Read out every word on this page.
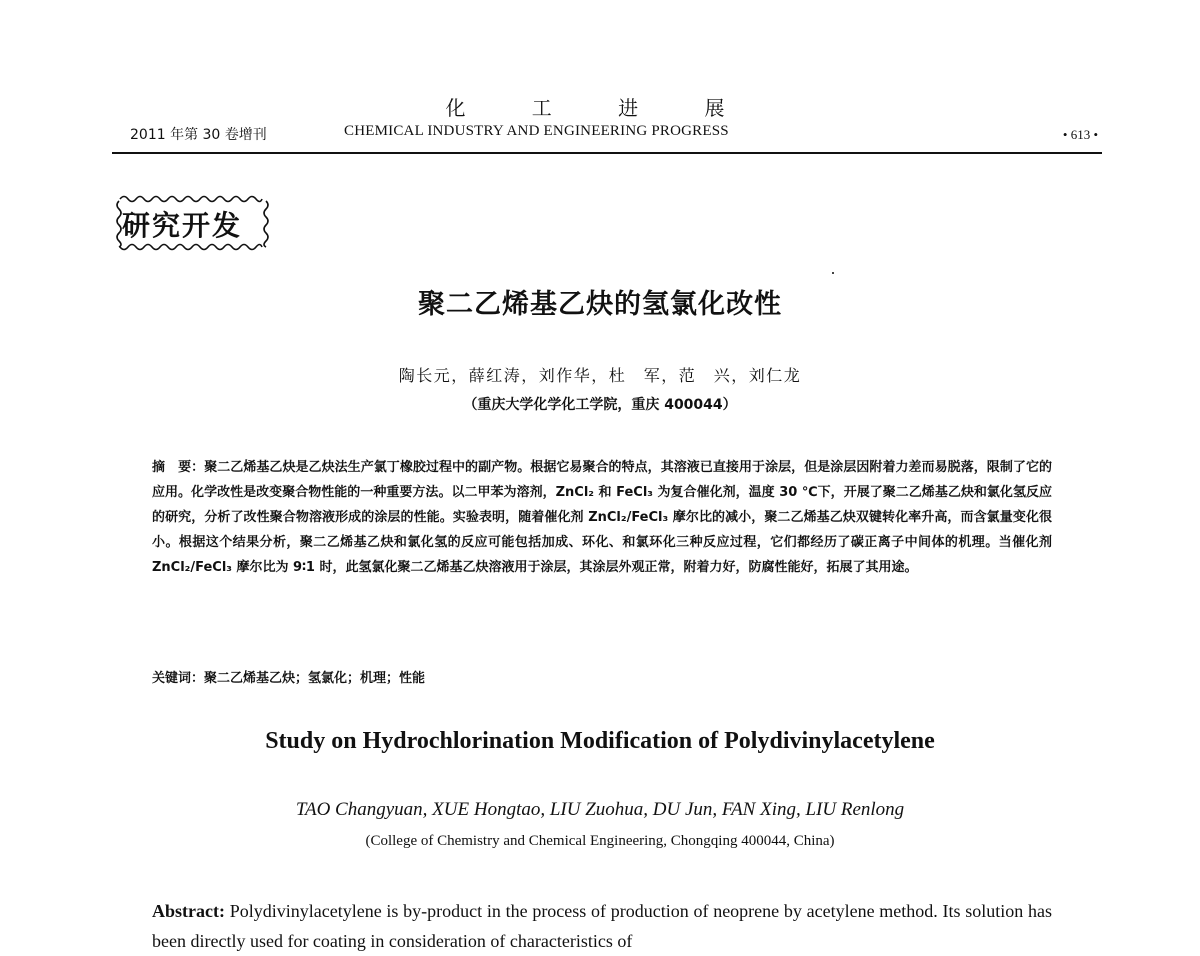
化 工 进 展
2011 年第 30 卷增刊	CHEMICAL INDUSTRY AND ENGINEERING PROGRESS	• 613 •
研究开发
聚二乙烯基乙炔的氢氯化改性
陶长元，薛红涛，刘作华，杜　军，范　兴，刘仁龙
（重庆大学化学化工学院，重庆 400044）
摘　要：聚二乙烯基乙炔是乙炔法生产氯丁橡胶过程中的副产物。根据它易聚合的特点，其溶液已直接用于涂层，但是涂层因附着力差而易脱落，限制了它的应用。化学改性是改变聚合物性能的一种重要方法。以二甲苯为溶剂，ZnCl₂ 和 FeCl₃ 为复合催化剂，温度 30 ℃下，开展了聚二乙烯基乙炔和氯化氢反应的研究，分析了改性聚合物溶液形成的涂层的性能。实验表明，随着催化剂 ZnCl₂/FeCl₃ 摩尔比的减小，聚二乙烯基乙炔双键转化率升高，而含氯量变化很小。根据这个结果分析，聚二乙烯基乙炔和氯化氢的反应可能包括加成、环化、和氯环化三种反应过程，它们都经历了碳正离子中间体的机理。当催化剂 ZnCl₂/FeCl₃ 摩尔比为 9∶1 时，此氢氯化聚二乙烯基乙炔溶液用于涂层，其涂层外观正常，附着力好，防腐性能好，拓展了其用途。
关键词：聚二乙烯基乙炔；氢氯化；机理；性能
Study on Hydrochlorination Modification of Polydivinylacetylene
TAO Changyuan, XUE Hongtao, LIU Zuohua, DU Jun, FAN Xing, LIU Renlong
(College of Chemistry and Chemical Engineering, Chongqing 400044, China)
Abstract: Polydivinylacetylene is by-product in the process of production of neoprene by acetylene method. Its solution has been directly used for coating in consideration of characteristics of
